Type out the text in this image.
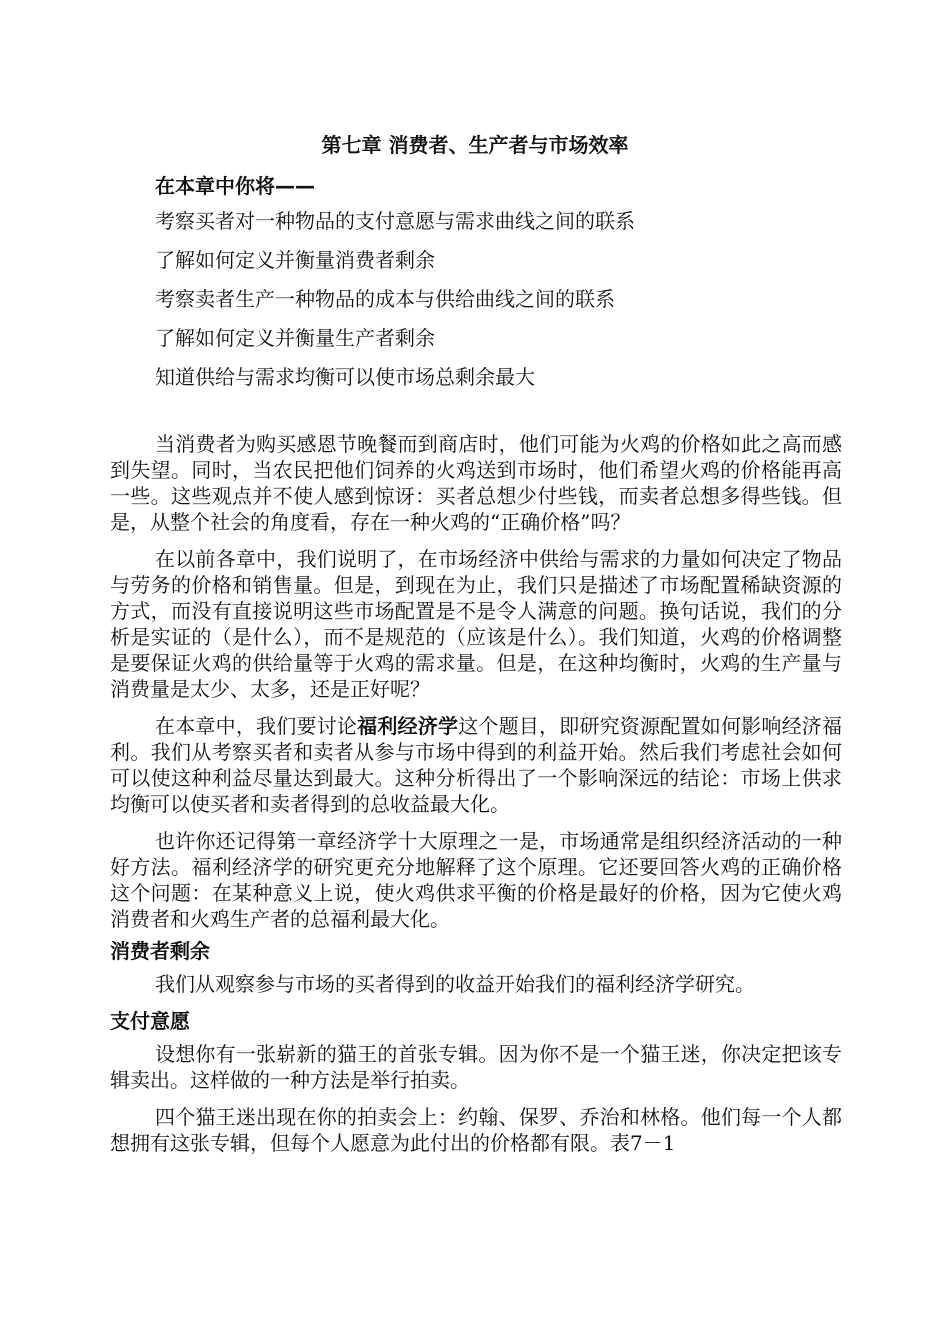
第七章 消费者、生产者与市场效率
在本章中你将——
考察买者对一种物品的支付意愿与需求曲线之间的联系
了解如何定义并衡量消费者剩余
考察卖者生产一种物品的成本与供给曲线之间的联系
了解如何定义并衡量生产者剩余
知道供给与需求均衡可以使市场总剩余最大

当消费者为购买感恩节晚餐而到商店时，他们可能为火鸡的价格如此之高而感到失望。同时，当农民把他们饲养的火鸡送到市场时，他们希望火鸡的价格能再高一些。这些观点并不使人感到惊讶：买者总想少付些钱，而卖者总想多得些钱。但是，从整个社会的角度看，存在一种火鸡的“正确价格”吗？

在以前各章中，我们说明了，在市场经济中供给与需求的力量如何决定了物品与劳务的价格和销售量。但是，到现在为止，我们只是描述了市场配置稀缺资源的方式，而没有直接说明这些市场配置是不是令人满意的问题。换句话说，我们的分析是实证的（是什么），而不是规范的（应该是什么）。我们知道，火鸡的价格调整是要保证火鸡的供给量等于火鸡的需求量。但是，在这种均衡时，火鸡的生产量与消费量是太少、太多，还是正好呢？

在本章中，我们要讨论福利经济学这个题目，即研究资源配置如何影响经济福利。我们从考察买者和卖者从参与市场中得到的利益开始。然后我们考虑社会如何可以使这种利益尽量达到最大。这种分析得出了一个影响深远的结论：市场上供求均衡可以使买者和卖者得到的总收益最大化。

也许你还记得第一章经济学十大原理之一是，市场通常是组织经济活动的一种好方法。福利经济学的研究更充分地解释了这个原理。它还要回答火鸡的正确价格这个问题：在某种意义上说，使火鸡供求平衡的价格是最好的价格，因为它使火鸡消费者和火鸡生产者的总福利最大化。

消费者剩余

我们从观察参与市场的买者得到的收益开始我们的福利经济学研究。

支付意愿

设想你有一张崭新的猫王的首张专辑。因为你不是一个猫王迷，你决定把该专辑卖出。这样做的一种方法是举行拍卖。

四个猫王迷出现在你的拍卖会上：约翰、保罗、乔治和林格。他们每一个人都想拥有这张专辑，但每个人愿意为此付出的价格都有限。表7－1
